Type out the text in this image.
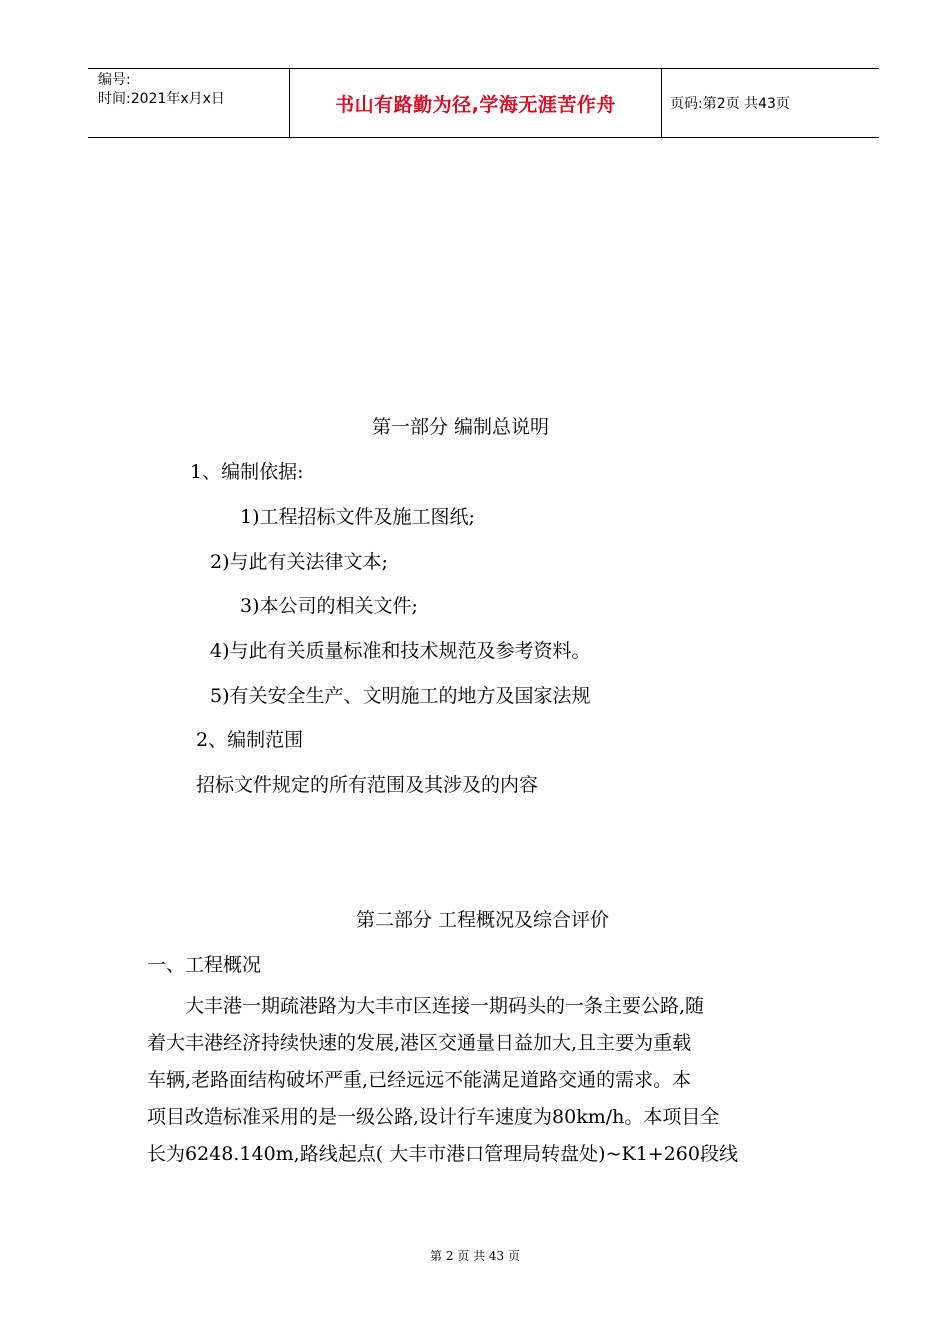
编号:
时间:2021年x月x日	书山有路勤为径,学海无涯苦作舟	页码:第2页 共43页
第一部分 编制总说明
1、编制依据:
1)工程招标文件及施工图纸;
2)与此有关法律文本;
3)本公司的相关文件;
4)与此有关质量标准和技术规范及参考资料。
5)有关安全生产、文明施工的地方及国家法规
2、编制范围
招标文件规定的所有范围及其涉及的内容
第二部分 工程概况及综合评价
一、工程概况
大丰港一期疏港路为大丰市区连接一期码头的一条主要公路,随
着大丰港经济持续快速的发展,港区交通量日益加大,且主要为重载
车辆,老路面结构破坏严重,已经远远不能满足道路交通的需求。本
项目改造标准采用的是一级公路,设计行车速度为80km/h。本项目全
长为6248.140m,路线起点( 大丰市港口管理局转盘处)~K1+260段线
第 2 页 共 43 页
